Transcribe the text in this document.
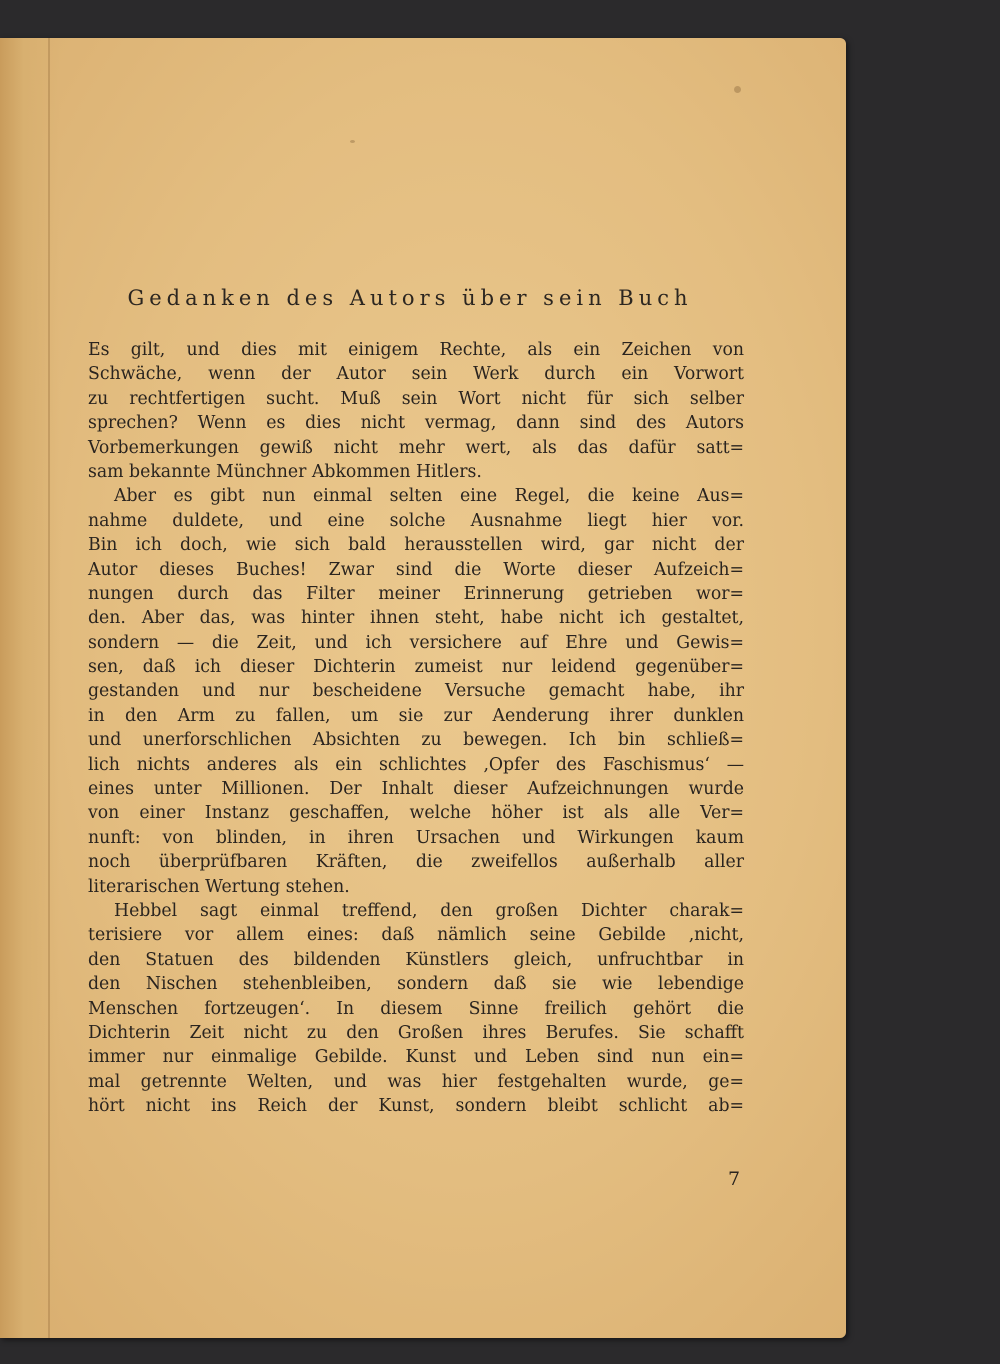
Gedanken des Autors über sein Buch
Es gilt, und dies mit einigem Rechte, als ein Zeichen von
Schwäche, wenn der Autor sein Werk durch ein Vorwort
zu rechtfertigen sucht. Muß sein Wort nicht für sich selber
sprechen? Wenn es dies nicht vermag, dann sind des Autors
Vorbemerkungen gewiß nicht mehr wert, als das dafür satt=
sam bekannte Münchner Abkommen Hitlers.
Aber es gibt nun einmal selten eine Regel, die keine Aus=
nahme duldete, und eine solche Ausnahme liegt hier vor.
Bin ich doch, wie sich bald herausstellen wird, gar nicht der
Autor dieses Buches! Zwar sind die Worte dieser Aufzeich=
nungen durch das Filter meiner Erinnerung getrieben wor=
den. Aber das, was hinter ihnen steht, habe nicht ich gestaltet,
sondern — die Zeit, und ich versichere auf Ehre und Gewis=
sen, daß ich dieser Dichterin zumeist nur leidend gegenüber=
gestanden und nur bescheidene Versuche gemacht habe, ihr
in den Arm zu fallen, um sie zur Aenderung ihrer dunklen
und unerforschlichen Absichten zu bewegen. Ich bin schließ=
lich nichts anderes als ein schlichtes ‚Opfer des Faschismus‘ —
eines unter Millionen. Der Inhalt dieser Aufzeichnungen wurde
von einer Instanz geschaffen, welche höher ist als alle Ver=
nunft: von blinden, in ihren Ursachen und Wirkungen kaum
noch überprüfbaren Kräften, die zweifellos außerhalb aller
literarischen Wertung stehen.
Hebbel sagt einmal treffend, den großen Dichter charak=
terisiere vor allem eines: daß nämlich seine Gebilde ‚nicht,
den Statuen des bildenden Künstlers gleich, unfruchtbar in
den Nischen stehenbleiben, sondern daß sie wie lebendige
Menschen fortzeugen‘. In diesem Sinne freilich gehört die
Dichterin Zeit nicht zu den Großen ihres Berufes. Sie schafft
immer nur einmalige Gebilde. Kunst und Leben sind nun ein=
mal getrennte Welten, und was hier festgehalten wurde, ge=
hört nicht ins Reich der Kunst, sondern bleibt schlicht ab=
7
